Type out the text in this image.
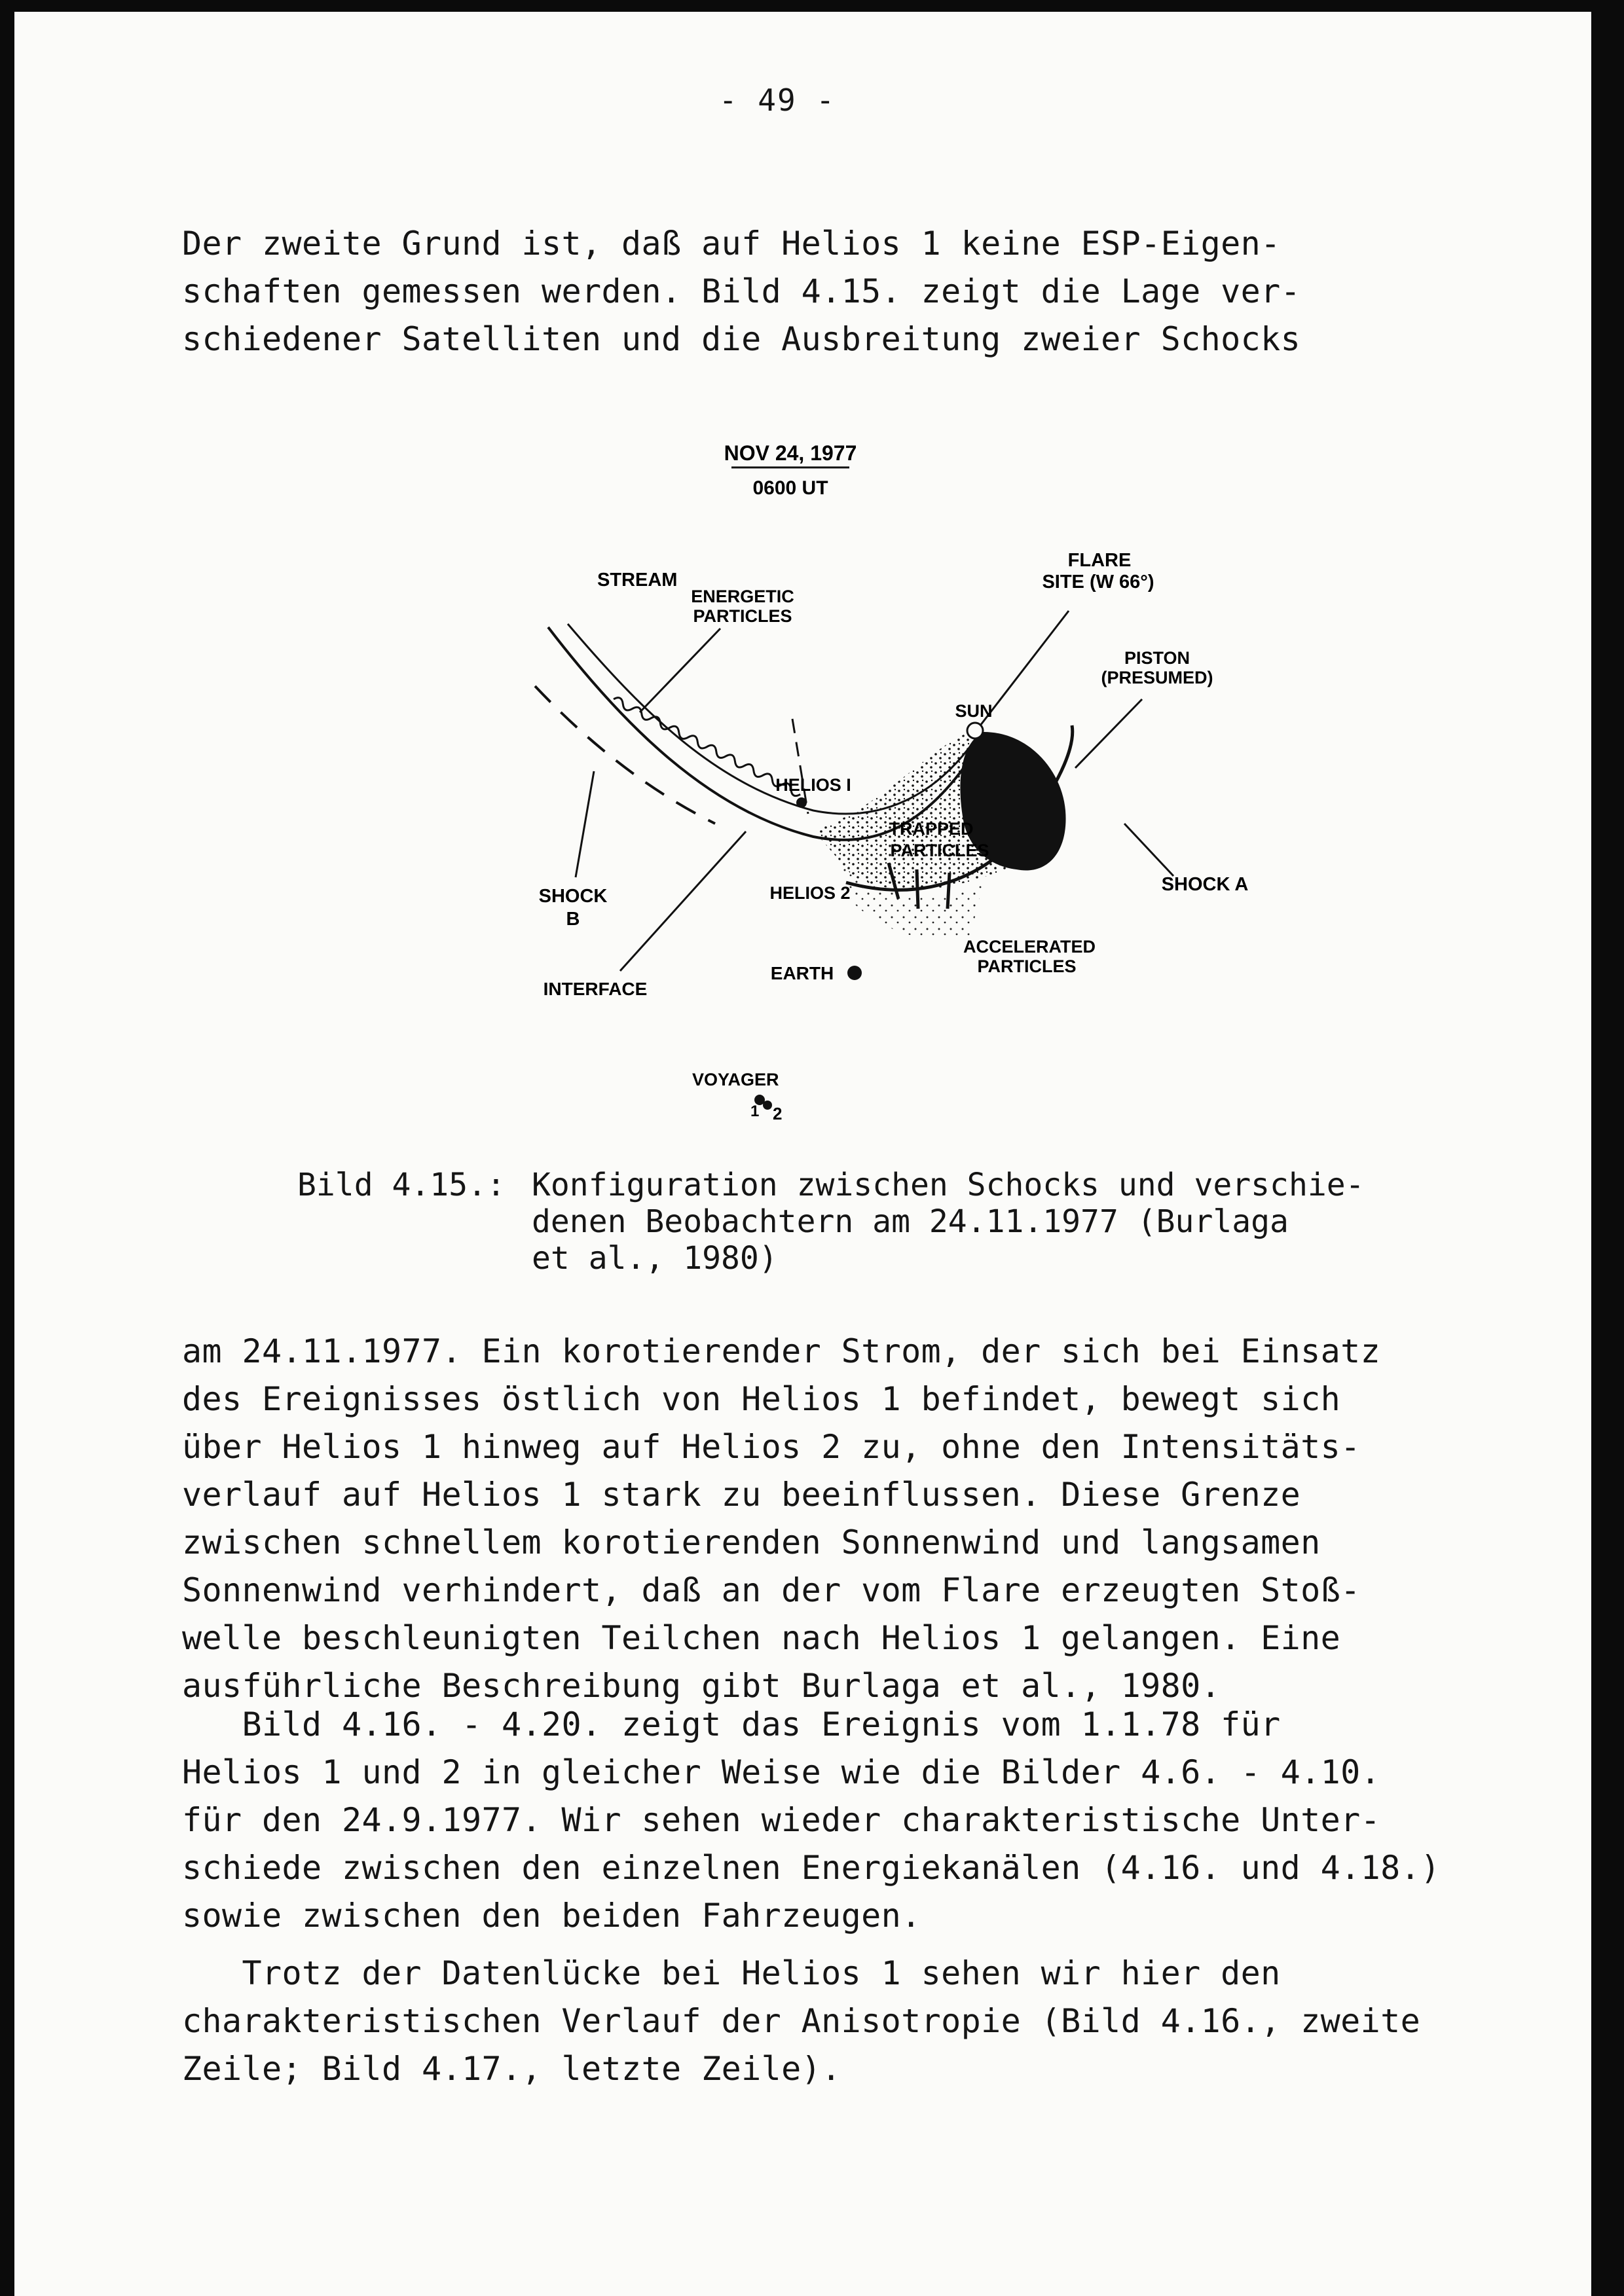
- 49 -
Der zweite Grund ist, daß auf Helios 1 keine ESP-Eigen-
schaften gemessen werden. Bild 4.15. zeigt die Lage ver-
schiedener Satelliten und die Ausbreitung zweier Schocks
NOV 24, 1977
0600 UT
STREAM
ENERGETIC
PARTICLES
FLARE
SITE (W 66°)
PISTON
(PRESUMED)
SUN
HELIOS I
TRAPPED
PARTICLES
SHOCK A
SHOCK
B
HELIOS 2
ACCELERATED
PARTICLES
EARTH
INTERFACE
VOYAGER
1 2
Bild 4.15.: Konfiguration zwischen Schocks und verschie-
denen Beobachtern am 24.11.1977 (Burlaga
et al., 1980)
am 24.11.1977. Ein korotierender Strom, der sich bei Einsatz
des Ereignisses östlich von Helios 1 befindet, bewegt sich
über Helios 1 hinweg auf Helios 2 zu, ohne den Intensitäts-
verlauf auf Helios 1 stark zu beeinflussen. Diese Grenze
zwischen schnellem korotierenden Sonnenwind und langsamen
Sonnenwind verhindert, daß an der vom Flare erzeugten Stoß-
welle beschleunigten Teilchen nach Helios 1 gelangen. Eine
ausführliche Beschreibung gibt Burlaga et al., 1980.
Bild 4.16. - 4.20. zeigt das Ereignis vom 1.1.78 für
Helios 1 und 2 in gleicher Weise wie die Bilder 4.6. - 4.10.
für den 24.9.1977. Wir sehen wieder charakteristische Unter-
schiede zwischen den einzelnen Energiekanälen (4.16. und 4.18.)
sowie zwischen den beiden Fahrzeugen.
Trotz der Datenlücke bei Helios 1 sehen wir hier den
charakteristischen Verlauf der Anisotropie (Bild 4.16., zweite
Zeile; Bild 4.17., letzte Zeile).
